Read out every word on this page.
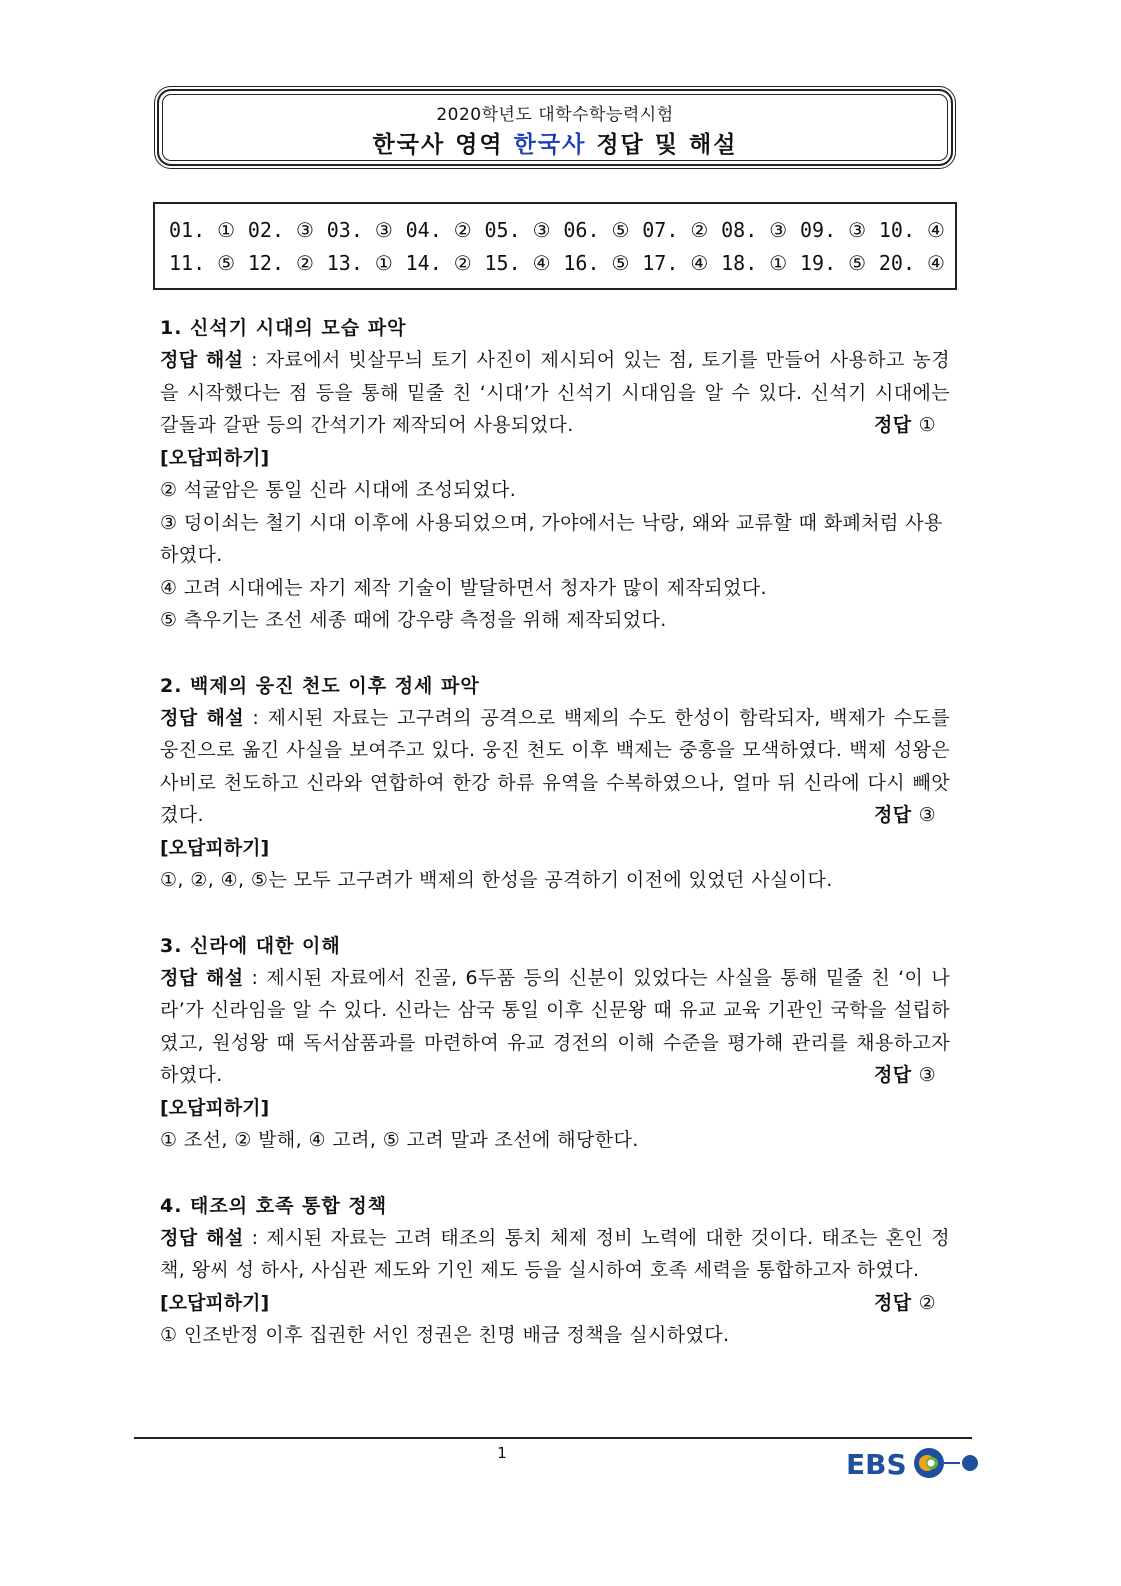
2020학년도 대학수학능력시험
한국사 영역 한국사 정답 및 해설
01. ① 02. ③ 03. ③ 04. ② 05. ③ 06. ⑤ 07. ② 08. ③ 09. ③ 10. ④
11. ⑤ 12. ② 13. ① 14. ② 15. ④ 16. ⑤ 17. ④ 18. ① 19. ⑤ 20. ④
1. 신석기 시대의 모습 파악
정답 해설 : 자료에서 빗살무늬 토기 사진이 제시되어 있는 점, 토기를 만들어 사용하고 농경을 시작했다는 점 등을 통해 밑줄 친 ‘시대’가 신석기 시대임을 알 수 있다. 신석기 시대에는 갈돌과 갈판 등의 간석기가 제작되어 사용되었다.	정답 ①
[오답피하기]
② 석굴암은 통일 신라 시대에 조성되었다.
③ 덩이쇠는 철기 시대 이후에 사용되었으며, 가야에서는 낙랑, 왜와 교류할 때 화폐처럼 사용하였다.
④ 고려 시대에는 자기 제작 기술이 발달하면서 청자가 많이 제작되었다.
⑤ 측우기는 조선 세종 때에 강우량 측정을 위해 제작되었다.
2. 백제의 웅진 천도 이후 정세 파악
정답 해설 : 제시된 자료는 고구려의 공격으로 백제의 수도 한성이 함락되자, 백제가 수도를 웅진으로 옮긴 사실을 보여주고 있다. 웅진 천도 이후 백제는 중흥을 모색하였다. 백제 성왕은 사비로 천도하고 신라와 연합하여 한강 하류 유역을 수복하였으나, 얼마 뒤 신라에 다시 빼앗겼다.	정답 ③
[오답피하기]
①, ②, ④, ⑤는 모두 고구려가 백제의 한성을 공격하기 이전에 있었던 사실이다.
3. 신라에 대한 이해
정답 해설 : 제시된 자료에서 진골, 6두품 등의 신분이 있었다는 사실을 통해 밑줄 친 ‘이 나라’가 신라임을 알 수 있다. 신라는 삼국 통일 이후 신문왕 때 유교 교육 기관인 국학을 설립하였고, 원성왕 때 독서삼품과를 마련하여 유교 경전의 이해 수준을 평가해 관리를 채용하고자 하였다.	정답 ③
[오답피하기]
① 조선, ② 발해, ④ 고려, ⑤ 고려 말과 조선에 해당한다.
4. 태조의 호족 통합 정책
정답 해설 : 제시된 자료는 고려 태조의 통치 체제 정비 노력에 대한 것이다. 태조는 혼인 정책, 왕씨 성 하사, 사심관 제도와 기인 제도 등을 실시하여 호족 세력을 통합하고자 하였다.
정답 ②
[오답피하기]
① 인조반정 이후 집권한 서인 정권은 친명 배금 정책을 실시하였다.
1	EBS
